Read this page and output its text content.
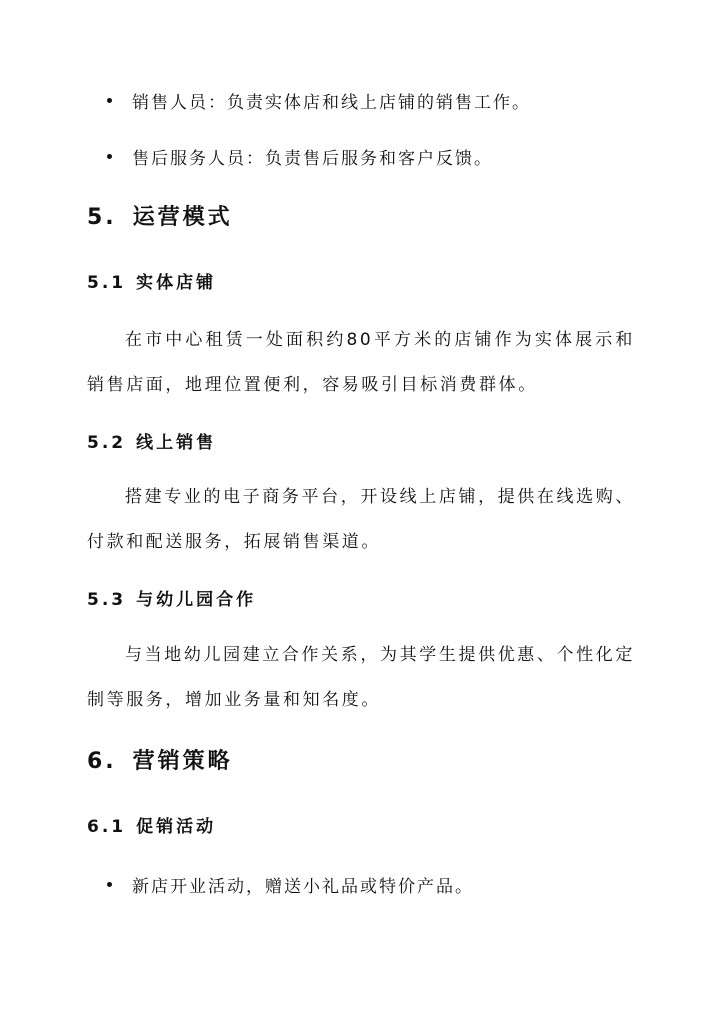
销售人员：负责实体店和线上店铺的销售工作。
售后服务人员：负责售后服务和客户反馈。
5. 运营模式
5.1 实体店铺

在市中心租赁一处面积约80平方米的店铺作为实体展示和销售店面，地理位置便利，容易吸引目标消费群体。

5.2 线上销售

搭建专业的电子商务平台，开设线上店铺，提供在线选购、付款和配送服务，拓展销售渠道。

5.3 与幼儿园合作

与当地幼儿园建立合作关系，为其学生提供优惠、个性化定制等服务，增加业务量和知名度。

6. 营销策略
6.1 促销活动
新店开业活动，赠送小礼品或特价产品。
